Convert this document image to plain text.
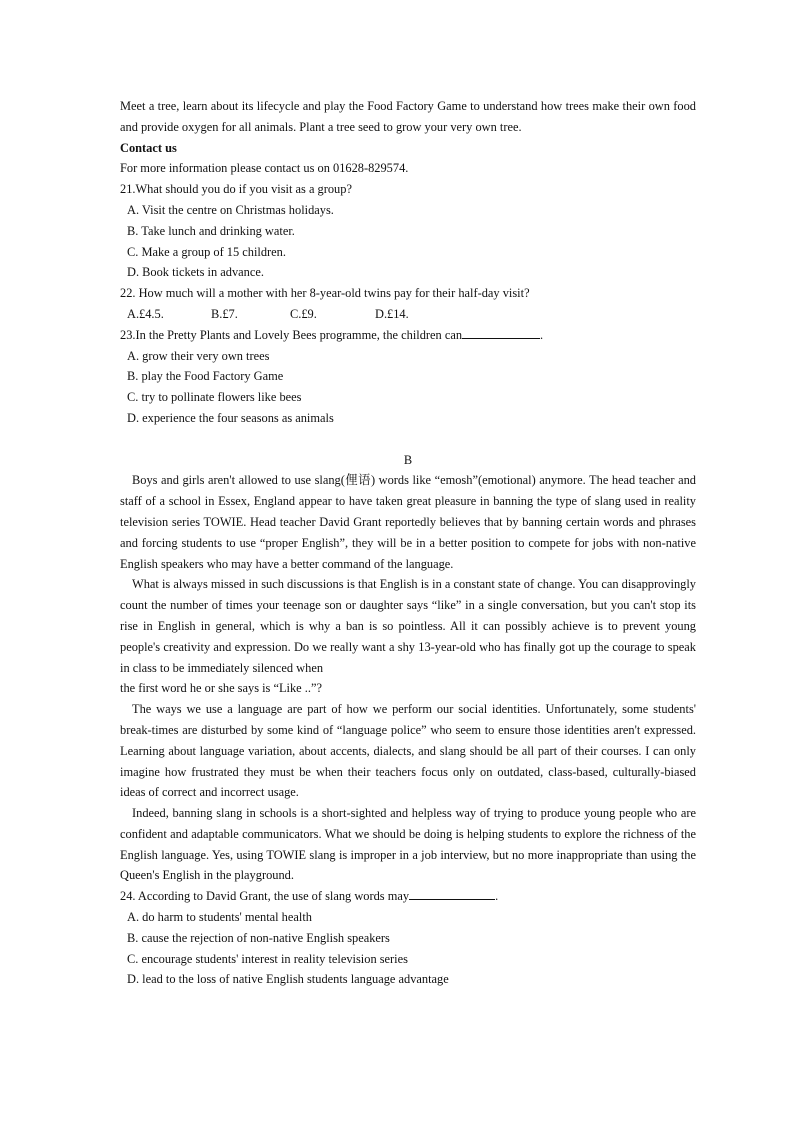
Meet a tree, learn about its lifecycle and play the Food Factory Game to understand how trees make their own food and provide oxygen for all animals. Plant a tree seed to grow your very own tree.

Contact us

For more information please contact us on 01628-829574.

21.What should you do if you visit as a group?

A. Visit the centre on Christmas holidays.

B. Take lunch and drinking water.

C. Make a group of 15 children.

D. Book tickets in advance.

22. How much will a mother with her 8-year-old twins pay for their half-day visit?

A.£4.5.	B.£7.	C.£9.	D.£14.

23.In the Pretty Plants and Lovely Bees programme, the children can	.

A. grow their very own trees

B. play the Food Factory Game

C. try to pollinate flowers like bees

D. experience the four seasons as animals

B

Boys and girls aren't allowed to use slang(俚语) words like “emosh”(emotional) anymore. The head teacher and staff of a school in Essex, England appear to have taken great pleasure in banning the type of slang used in reality television series TOWIE. Head teacher David Grant reportedly believes that by banning certain words and phrases and forcing students to use “proper English”, they will be in a better position to compete for jobs with non-native English speakers who may have a better command of the language.

What is always missed in such discussions is that English is in a constant state of change. You can disapprovingly count the number of times your teenage son or daughter says “like” in a single conversation, but you can't stop its rise in English in general, which is why a ban is so pointless. All it can possibly achieve is to prevent young people's creativity and expression. Do we really want a shy 13-year-old who has finally got up the courage to speak in class to be immediately silenced when

the first word he or she says is “Like ..”?

The ways we use a language are part of how we perform our social identities. Unfortunately, some students' break-times are disturbed by some kind of “language police” who seem to ensure those identities aren't expressed. Learning about language variation, about accents, dialects, and slang should be all part of their courses. I can only imagine how frustrated they must be when their teachers focus only on outdated, class-based, culturally-biased ideas of correct and incorrect usage.

Indeed, banning slang in schools is a short-sighted and helpless way of trying to produce young people who are confident and adaptable communicators. What we should be doing is helping students to explore the richness of the English language. Yes, using TOWIE slang is improper in a job interview, but no more inappropriate than using the Queen's English in the playground.

24. According to David Grant, the use of slang words may	.

A. do harm to students' mental health

B. cause the rejection of non-native English speakers

C. encourage students' interest in reality television series

D. lead to the loss of native English students language advantage
